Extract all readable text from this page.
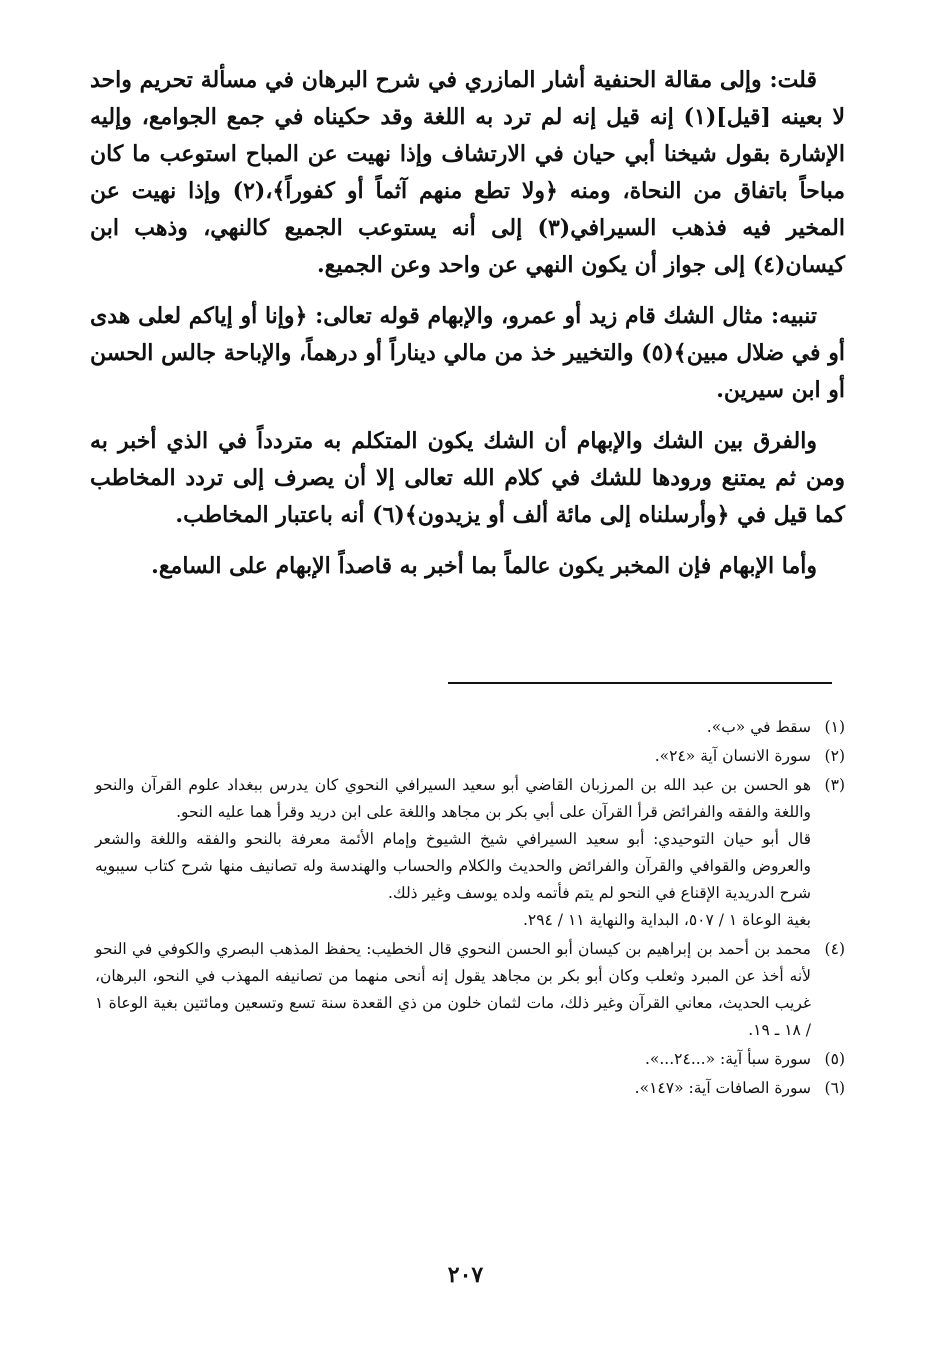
قلت: وإلى مقالة الحنفية أشار المازري في شرح البرهان في مسألة تحريم واحد لا بعينه [قيل](١) إنه قيل إنه لم ترد به اللغة وقد حكيناه في جمع الجوامع، وإليه الإشارة بقول شيخنا أبي حيان في الارتشاف وإذا نهيت عن المباح استوعب ما كان مباحاً باتفاق من النحاة، ومنه ﴿ولا تطع منهم آثماً أو كفوراً﴾،(٢) وإذا نهيت عن المخير فيه فذهب السيرافي(٣) إلى أنه يستوعب الجميع كالنهي، وذهب ابن كيسان(٤) إلى جواز أن يكون النهي عن واحد وعن الجميع.

تنبيه: مثال الشك قام زيد أو عمرو، والإبهام قوله تعالى: ﴿وإنا أو إياكم لعلى هدى أو في ضلال مبين﴾(٥) والتخيير خذ من مالي ديناراً أو درهماً، والإباحة جالس الحسن أو ابن سيرين.

والفرق بين الشك والإبهام أن الشك يكون المتكلم به متردداً في الذي أخبر به ومن ثم يمتنع ورودها للشك في كلام الله تعالى إلا أن يصرف إلى تردد المخاطب كما قيل في ﴿وأرسلناه إلى مائة ألف أو يزيدون﴾(٦) أنه باعتبار المخاطب.

وأما الإبهام فإن المخبر يكون عالماً بما أخبر به قاصداً الإبهام على السامع.

(١)

سقط في «ب».

(٢)

سورة الانسان آية «٢٤».

(٣)

هو الحسن بن عبد الله بن المرزبان القاضي أبو سعيد السيرافي النحوي كان يدرس ببغداد علوم القرآن والنحو واللغة والفقه والفرائض قرأ القرآن على أبي بكر بن مجاهد واللغة على ابن دريد وقرأ هما عليه النحو.

قال أبو حيان التوحيدي: أبو سعيد السيرافي شيخ الشيوخ وإمام الأئمة معرفة بالنحو والفقه واللغة والشعر والعروض والقوافي والقرآن والفرائض والحديث والكلام والحساب والهندسة وله تصانيف منها شرح كتاب سيبويه شرح الدريدية الإقناع في النحو لم يتم فأتمه ولده يوسف وغير ذلك.

بغية الوعاة ١ / ٥٠٧، البداية والنهاية ١١ / ٢٩٤.

(٤)

محمد بن أحمد بن إبراهيم بن كيسان أبو الحسن النحوي قال الخطيب: يحفظ المذهب البصري والكوفي في النحو لأنه أخذ عن المبرد وثعلب وكان أبو بكر بن مجاهد يقول إنه أنحى منهما من تصانيفه المهذب في النحو، البرهان، غريب الحديث، معاني القرآن وغير ذلك، مات لثمان خلون من ذي القعدة سنة تسع وتسعين ومائتين بغية الوعاة ١ / ١٨ ـ ١٩.

(٥)

سورة سبأ آية: «...٢٤...».

(٦)

سورة الصافات آية: «١٤٧».

٢٠٧
